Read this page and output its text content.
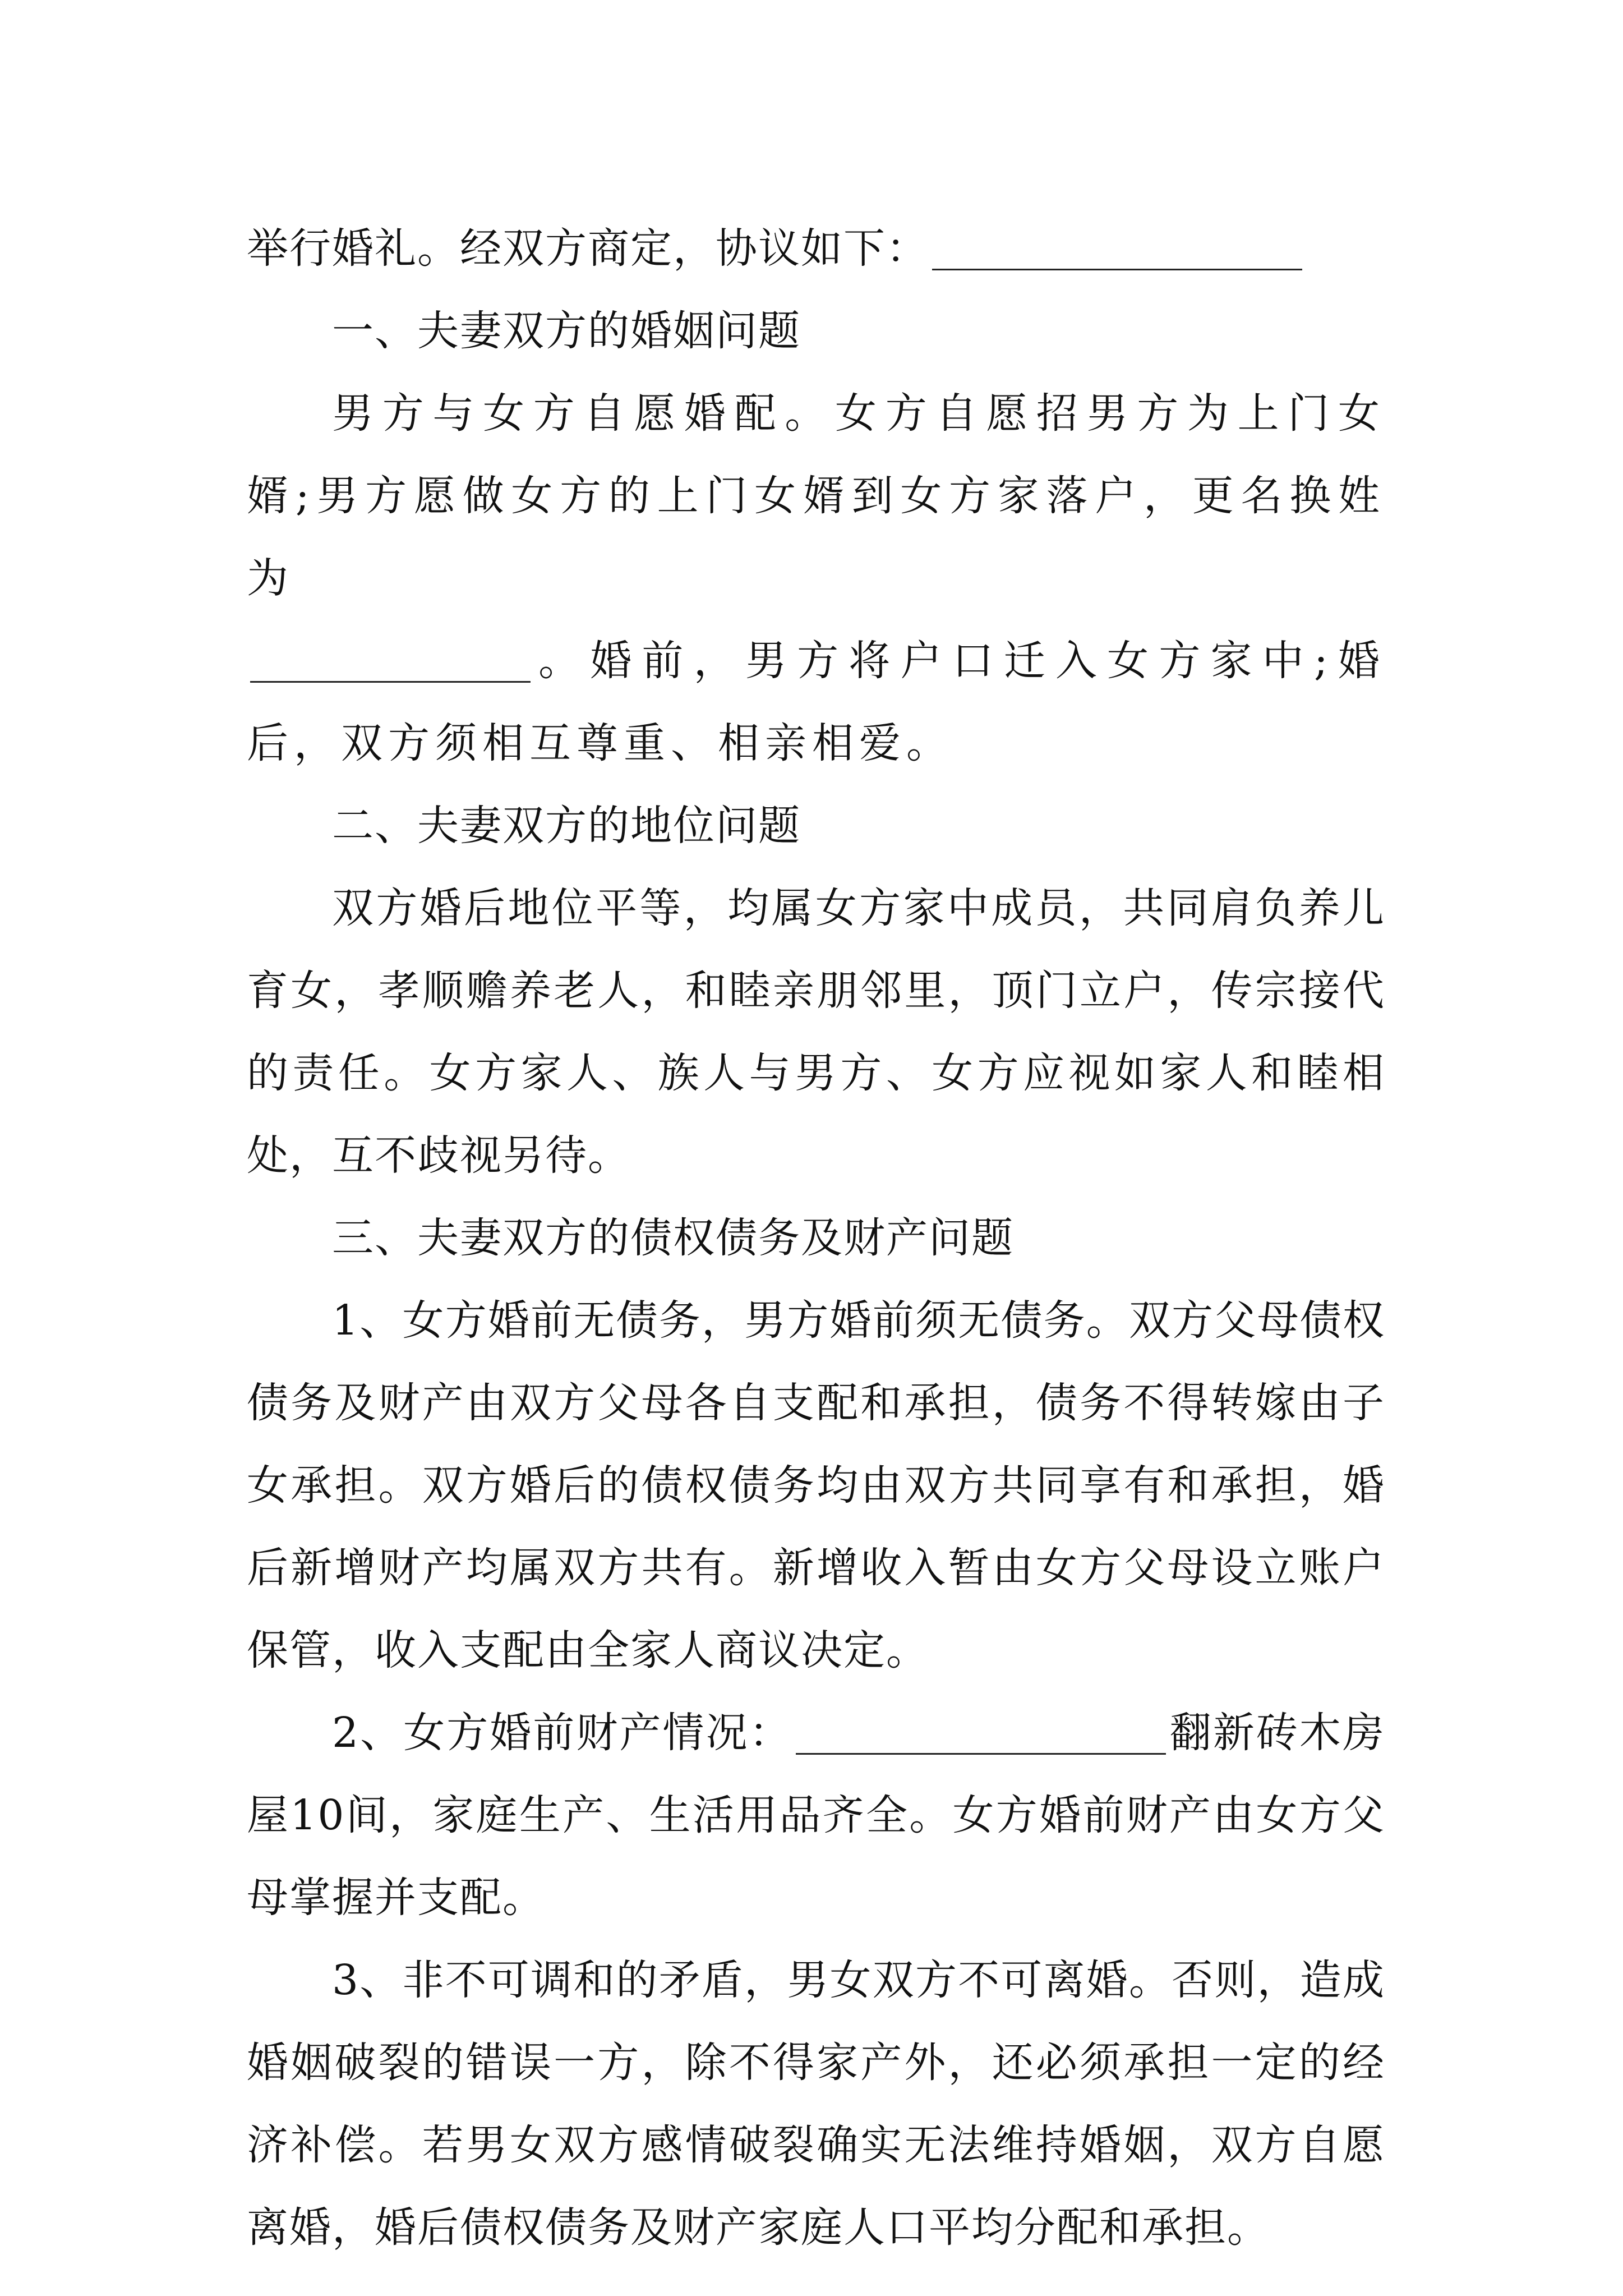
举行婚礼。经双方商定，协议如下：

一、夫妻双方的婚姻问题

男方与女方自愿婚配。女方自愿招男方为上门女婿;男方愿做女方的上门女婿到女方家落户，更名换姓为
。婚前，男方将户口迁入女方家中;婚后，双方须相互尊重、相亲相爱。

二、夫妻双方的地位问题

双方婚后地位平等，均属女方家中成员，共同肩负养儿育女，孝顺赡养老人，和睦亲朋邻里，顶门立户，传宗接代的责任。女方家人、族人与男方、女方应视如家人和睦相处，互不歧视另待。

三、夫妻双方的债权债务及财产问题

1、女方婚前无债务，男方婚前须无债务。双方父母债权债务及财产由双方父母各自支配和承担，债务不得转嫁由子女承担。双方婚后的债权债务均由双方共同享有和承担，婚后新增财产均属双方共有。新增收入暂由女方父母设立账户保管，收入支配由全家人商议决定。

2、女方婚前财产情况：	翻新砖木房屋10间，家庭生产、生活用品齐全。女方婚前财产由女方父母掌握并支配。

3、非不可调和的矛盾，男女双方不可离婚。否则，造成婚姻破裂的错误一方，除不得家产外，还必须承担一定的经济补偿。若男女双方感情破裂确实无法维持婚姻，双方自愿离婚，婚后债权债务及财产家庭人口平均分配和承担。
